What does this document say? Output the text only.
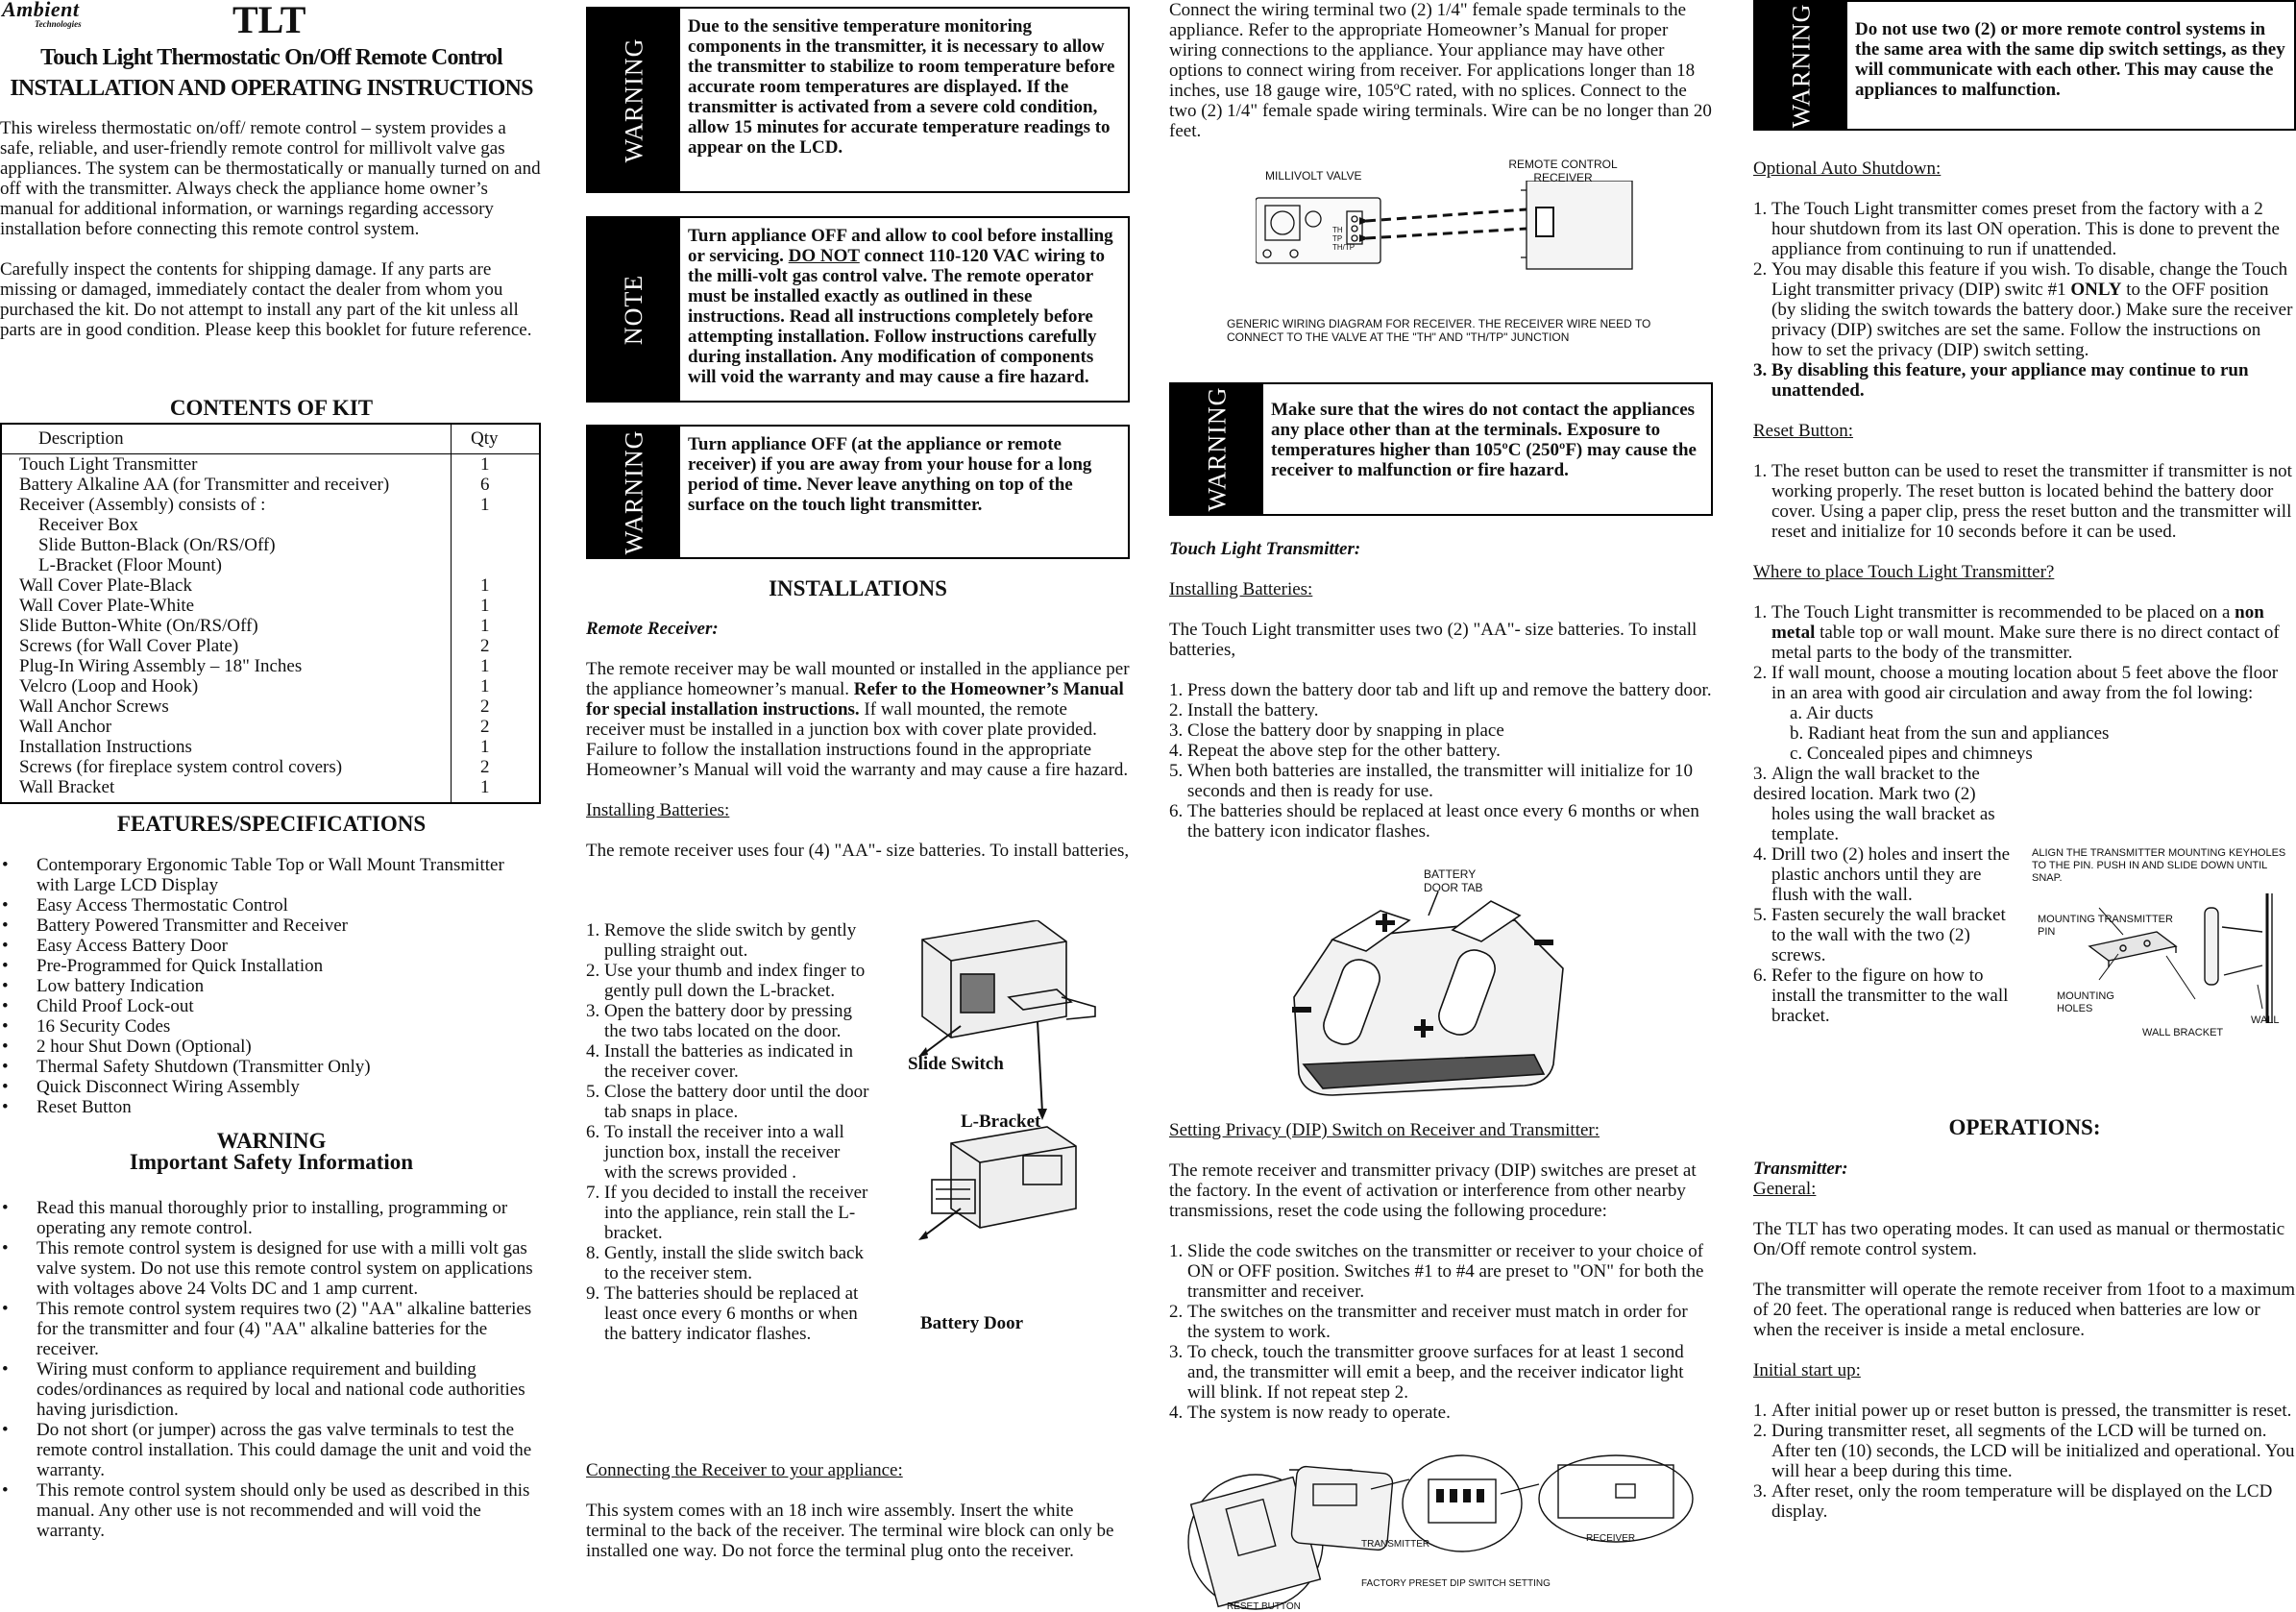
Ambient
Technologies	TLT
Touch Light Thermostatic On/Off Remote Control
INSTALLATION AND OPERATING INSTRUCTIONS

This wireless thermostatic on/off/ remote control – system provides a safe, reliable, and user-friendly remote control for millivolt valve gas appliances. The system can be thermostatically or manually turned on and off with the transmitter. Always check the appliance home owner’s manual for additional information, or warnings regarding accessory installation before connecting this remote control system.

Carefully inspect the contents for shipping damage. If any parts are missing or damaged, immediately contact the dealer from whom you purchased the kit. Do not attempt to install any part of the kit unless all parts are in good condition. Please keep this booklet for future reference.

CONTENTS OF KIT
Description	Qty
Touch Light Transmitter	1
Battery Alkaline AA (for Transmitter and receiver)	6
Receiver (Assembly) consists of :	1
Receiver Box
Slide Button-Black (On/RS/Off)
L-Bracket (Floor Mount)
Wall Cover Plate-Black	1
Wall Cover Plate-White	1
Slide Button-White (On/RS/Off)	1
Screws (for Wall Cover Plate)	2
Plug-In Wiring Assembly – 18" Inches	1
Velcro (Loop and Hook)	1
Wall Anchor Screws	2
Wall Anchor	2
Installation Instructions	1
Screws (for fireplace system control covers)	2
Wall Bracket	1
FEATURES/SPECIFICATIONS
• Contemporary Ergonomic Table Top or Wall Mount Transmitter with Large LCD Display
• Easy Access Thermostatic Control
• Battery Powered Transmitter and Receiver
• Easy Access Battery Door
• Pre-Programmed for Quick Installation
• Low battery Indication
• Child Proof Lock-out
• 16 Security Codes
• 2 hour Shut Down (Optional)
• Thermal Safety Shutdown (Transmitter Only)
• Quick Disconnect Wiring Assembly
• Reset Button
WARNING
Important Safety Information
• Read this manual thoroughly prior to installing, programming or operating any remote control.
• This remote control system is designed for use with a milli volt gas valve system. Do not use this remote control system on applications with voltages above 24 Volts DC and 1 amp current.
• This remote control system requires two (2) "AA" alkaline batteries for the transmitter and four (4) "AA" alkaline batteries for the receiver.
• Wiring must conform to appliance requirement and building codes/ordinances as required by local and national code authorities having jurisdiction.
• Do not short (or jumper) across the gas valve terminals to test the remote control installation. This could damage the unit and void the warranty.
• This remote control system should only be used as described in this manual. Any other use is not recommended and will void the warranty.
WARNING
Due to the sensitive temperature monitoring components in the transmitter, it is necessary to allow the transmitter to stabilize to room temperature before accurate room temperatures are displayed. If the transmitter is activated from a severe cold condition, allow 15 minutes for accurate temperature readings to appear on the LCD.
NOTE
Turn appliance OFF and allow to cool before installing or servicing. DO NOT connect 110-120 VAC wiring to the milli-volt gas control valve. The remote operator must be installed exactly as outlined in these instructions. Read all instructions completely before attempting installation. Follow instructions carefully during installation. Any modification of components will void the warranty and may cause a fire hazard.
WARNING	Turn appliance OFF (at the appliance or remote receiver) if you are away from your house for a long period of time. Never leave anything on top of the surface on the touch light transmitter.
INSTALLATIONS

Remote Receiver:

The remote receiver may be wall mounted or installed in the appliance per the appliance homeowner’s manual. Refer to the Homeowner’s Manual for special installation instructions. If wall mounted, the remote receiver must be installed in a junction box with cover plate provided. Failure to follow the installation instructions found in the appropriate Homeowner’s Manual will void the warranty and may cause a fire hazard.

Installing Batteries:

The remote receiver uses four (4) "AA"- size batteries. To install batteries,

1. Remove the slide switch by gently pulling straight out.
2. Use your thumb and index finger to gently pull down the L-bracket.
3. Open the battery door by pressing the two tabs located on the door.
4. Install the batteries as indicated in the receiver cover.
5. Close the battery door until the door tab snaps in place.
6. To install the receiver into a wall junction box, install the receiver with the screws provided .
7. If you decided to install the receiver into the appliance, rein stall the L-bracket.
8. Gently, install the slide switch back to the receiver stem.
9. The batteries should be replaced at least once every 6 months or when the battery indicator flashes.
Slide Switch
L-Bracket
Battery Door

Connecting the Receiver to your appliance:

This system comes with an 18 inch wire assembly. Insert the white terminal to the back of the receiver. The terminal wire block can only be installed one way. Do not force the terminal plug onto the receiver.

Connect the wiring terminal two (2) 1/4" female spade terminals to the appliance. Refer to the appropriate Homeowner’s Manual for proper wiring connections to the appliance. Your appliance may have other options to connect wiring from receiver. For applications longer than 18 inches, use 18 gauge wire, 105ºC rated, with no splices. Connect to the two (2) 1/4" female spade wiring terminals. Wire can be no longer than 20 feet.
MILLIVOLT VALVE
REMOTE CONTROL
RECEIVER
TH
TP
TH/TP
GENERIC WIRING DIAGRAM FOR RECEIVER. THE RECEIVER WIRE NEED TO CONNECT TO THE VALVE AT THE "TH" AND "TH/TP" JUNCTION
WARNING	Make sure that the wires do not contact the appliances any place other than at the terminals. Exposure to temperatures higher than 105ºC (250ºF) may cause the receiver to malfunction or fire hazard.

Touch Light Transmitter:

Installing Batteries:

The Touch Light transmitter uses two (2) "AA"- size batteries. To install batteries,

1. Press down the battery door tab and lift up and remove the battery door.
2. Install the battery.
3. Close the battery door by snapping in place
4. Repeat the above step for the other battery.
5. When both batteries are installed, the transmitter will initialize for 10 seconds and then is ready for use.
6. The batteries should be replaced at least once every 6 months or when the battery icon indicator flashes.
BATTERY
DOOR TAB

Setting Privacy (DIP) Switch on Receiver and Transmitter:

The remote receiver and transmitter privacy (DIP) switches are preset at the factory. In the event of activation or interference from other nearby transmissions, reset the code using the following procedure:

1. Slide the code switches on the transmitter or receiver to your choice of ON or OFF position. Switches #1 to #4 are preset to "ON" for both the transmitter and receiver.
2. The switches on the transmitter and receiver must match in order for the system to work.
3. To check, touch the transmitter groove surfaces for at least 1 second and, the transmitter will emit a beep, and the receiver indicator light will blink. If not repeat step 2.
4. The system is now ready to operate.
TRANSMITTER
RECEIVER
FACTORY PRESET DIP SWITCH SETTING
RESET BUTTON
WARNING	Do not use two (2) or more remote control systems in the same area with the same dip switch settings, as they will communicate with each other. This may cause the appliances to malfunction.

Optional Auto Shutdown:

1. The Touch Light transmitter comes preset from the factory with a 2 hour shutdown from its last ON operation. This is done to prevent the appliance from continuing to run if unattended.
2. You may disable this feature if you wish. To disable, change the Touch Light transmitter privacy (DIP) switc #1 ONLY to the OFF position (by sliding the switch towards the battery door.) Make sure the receiver privacy (DIP) switches are set the same. Follow the instructions on how to set the privacy (DIP) switch setting.
3. By disabling this feature, your appliance may continue to run unattended.

Reset Button:

1. The reset button can be used to reset the transmitter if transmitter is not working properly. The reset button is located behind the battery door cover. Using a paper clip, press the reset button and the transmitter will reset and initialize for 10 seconds before it can be used.

Where to place Touch Light Transmitter?

1. The Touch Light transmitter is recommended to be placed on a non metal table top or wall mount. Make sure there is no direct contact of metal parts to the body of the transmitter.
2. If wall mount, choose a mouting location about 5 feet above the floor in an area with good air circulation and away from the fol lowing:
a. Air ducts
b. Radiant heat from the sun and appliances
c. Concealed pipes and chimneys
3. Align the wall bracket to the
desired location. Mark two (2) holes using the wall bracket as template.
4. Drill two (2) holes and insert the plastic anchors until they are flush with the wall.
5. Fasten securely the wall bracket to the wall with the two (2) screws.
6. Refer to the figure on how to install the transmitter to the wall bracket.
ALIGN THE TRANSMITTER MOUNTING KEYHOLES TO THE PIN. PUSH IN AND SLIDE DOWN UNTIL SNAP.
MOUNTING TRANSMITTER
PIN
MOUNTING
HOLES
WALL BRACKET
WALL
OPERATIONS:
Transmitter:

General:

The TLT has two operating modes. It can used as manual or thermostatic On/Off remote control system.

The transmitter will operate the remote receiver from 1foot to a maximum of 20 feet. The operational range is reduced when batteries are low or when the receiver is inside a metal enclosure.

Initial start up:

1. After initial power up or reset button is pressed, the transmitter is reset.
2. During transmitter reset, all segments of the LCD will be turned on. After ten (10) seconds, the LCD will be initialized and operational. You will hear a beep during this time.
3. After reset, only the room temperature will be displayed on the LCD display.
